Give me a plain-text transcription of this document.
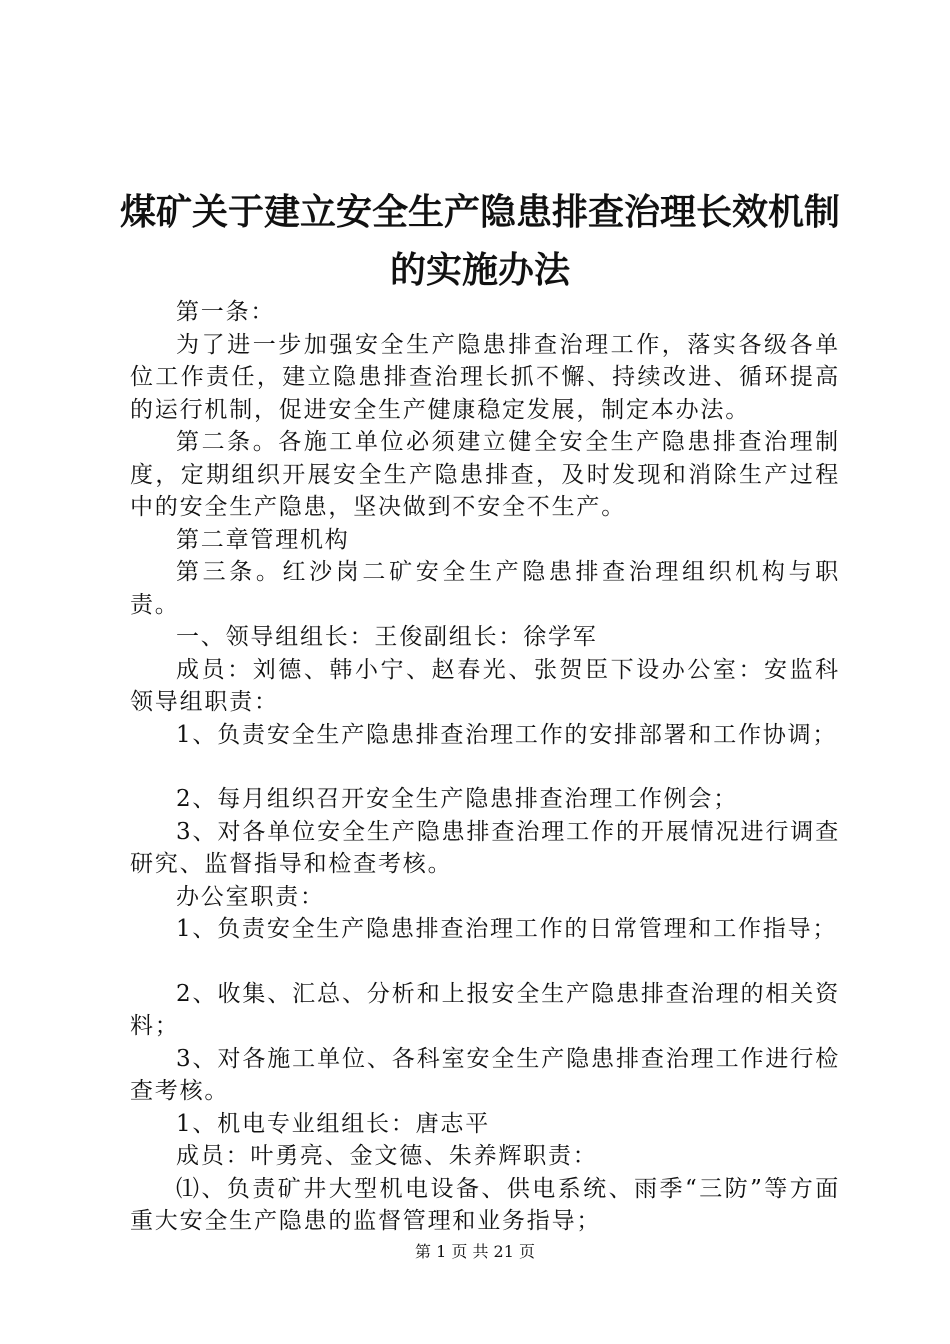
煤矿关于建立安全生产隐患排查治理长效机制
的实施办法

第一条：

为了进一步加强安全生产隐患排查治理工作，落实各级各单位工作责任，建立隐患排查治理长抓不懈、持续改进、循环提高的运行机制，促进安全生产健康稳定发展，制定本办法。

第二条。各施工单位必须建立健全安全生产隐患排查治理制度，定期组织开展安全生产隐患排查，及时发现和消除生产过程中的安全生产隐患，坚决做到不安全不生产。

第二章管理机构

第三条。红沙岗二矿安全生产隐患排查治理组织机构与职责。

一、领导组组长：王俊副组长：徐学军

成员：刘德、韩小宁、赵春光、张贺臣下设办公室：安监科领导组职责：

1、负责安全生产隐患排查治理工作的安排部署和工作协调；

2、每月组织召开安全生产隐患排查治理工作例会；

3、对各单位安全生产隐患排查治理工作的开展情况进行调查研究、监督指导和检查考核。

办公室职责：

1、负责安全生产隐患排查治理工作的日常管理和工作指导；

2、收集、汇总、分析和上报安全生产隐患排查治理的相关资料；

3、对各施工单位、各科室安全生产隐患排查治理工作进行检查考核。

1、机电专业组组长：唐志平

成员：叶勇亮、金文德、朱养辉职责：

⑴、负责矿井大型机电设备、供电系统、雨季“三防”等方面重大安全生产隐患的监督管理和业务指导；

第 1 页 共 21 页
